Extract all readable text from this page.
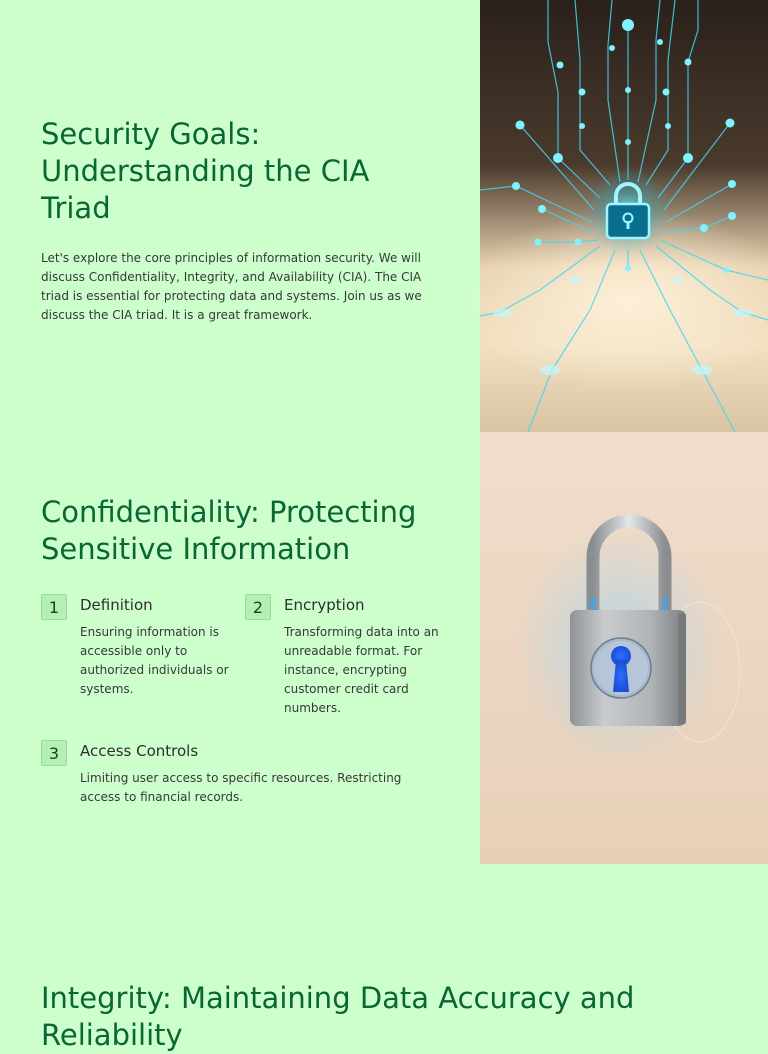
Security Goals: Understanding the CIA Triad

Let's explore the core principles of information security. We will discuss Confidentiality, Integrity, and Availability (CIA). The CIA triad is essential for protecting data and systems. Join us as we discuss the CIA triad. It is a great framework.

Confidentiality: Protecting Sensitive Information
1	Definition

Ensuring information is accessible only to authorized individuals or systems.

2	Encryption

Transforming data into an unreadable format. For instance, encrypting customer credit card numbers.

3	Access Controls

Limiting user access to specific resources. Restricting access to financial records.

Integrity: Maintaining Data Accuracy and Reliability
